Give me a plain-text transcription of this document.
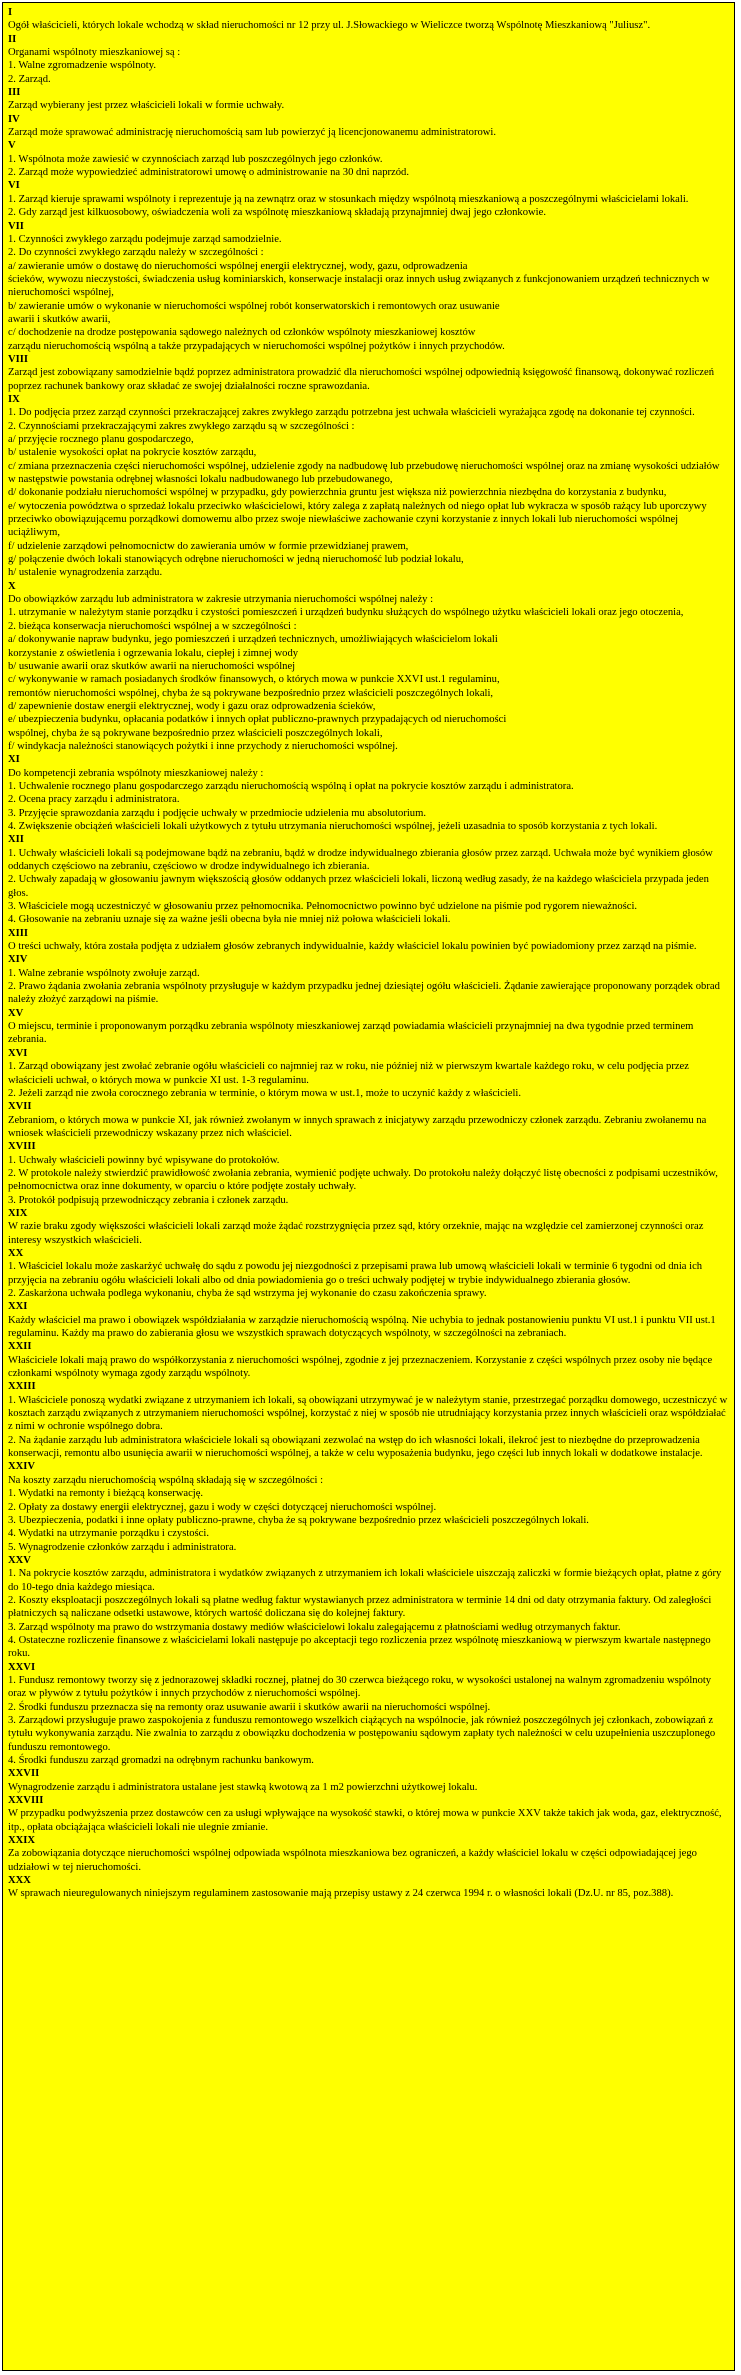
I
Ogół właścicieli, których lokale wchodzą w skład nieruchomości nr 12 przy ul. J.Słowackiego w Wieliczce tworzą Wspólnotę Mieszkaniową "Juliusz".
II
Organami wspólnoty mieszkaniowej są :
1. Walne zgromadzenie wspólnoty.
2. Zarząd.
III
Zarząd wybierany jest przez właścicieli lokali w formie uchwały.
IV
Zarząd może sprawować administrację nieruchomością sam lub powierzyć ją licencjonowanemu administratorowi.
V
1. Wspólnota może zawiesić w czynnościach zarząd lub poszczególnych jego członków.
2. Zarząd może wypowiedzieć administratorowi umowę o administrowanie na 30 dni naprzód.
VI
1. Zarząd kieruje sprawami wspólnoty i reprezentuje ją na zewnątrz oraz w stosunkach między wspólnotą mieszkaniową a poszczególnymi właścicielami lokali.
2. Gdy zarząd jest kilkuosobowy, oświadczenia woli za wspólnotę mieszkaniową składają przynajmniej dwaj jego członkowie.
VII
1. Czynności zwykłego zarządu podejmuje zarząd samodzielnie.
2. Do czynności zwykłego zarządu należy w szczególności :
a/ zawieranie umów o dostawę do nieruchomości wspólnej energii elektrycznej, wody, gazu, odprowadzenia
ścieków, wywozu nieczystości, świadczenia usług kominiarskich, konserwacje instalacji oraz innych usług związanych z funkcjonowaniem urządzeń technicznych w nieruchomości wspólnej,
b/ zawieranie umów o wykonanie w nieruchomości wspólnej robót konserwatorskich i remontowych oraz usuwanie
awarii i skutków awarii,
c/ dochodzenie na drodze postępowania sądowego należnych od członków wspólnoty mieszkaniowej kosztów
zarządu nieruchomością wspólną a także przypadających w nieruchomości wspólnej pożytków i innych przychodów.
VIII
Zarząd jest zobowiązany samodzielnie bądź poprzez administratora prowadzić dla nieruchomości wspólnej odpowiednią księgowość finansową, dokonywać rozliczeń poprzez rachunek bankowy oraz składać ze swojej działalności roczne sprawozdania.
IX
1. Do podjęcia przez zarząd czynności przekraczającej zakres zwykłego zarządu potrzebna jest uchwała właścicieli wyrażająca zgodę na dokonanie tej czynności.
2. Czynnościami przekraczającymi zakres zwykłego zarządu są w szczególności :
a/ przyjęcie rocznego planu gospodarczego,
b/ ustalenie wysokości opłat na pokrycie kosztów zarządu,
c/ zmiana przeznaczenia części nieruchomości wspólnej, udzielenie zgody na nadbudowę lub przebudowę nieruchomości wspólnej oraz na zmianę wysokości udziałów w następstwie powstania odrębnej własności lokalu nadbudowanego lub przebudowanego,
d/ dokonanie podziału nieruchomości wspólnej w przypadku, gdy powierzchnia gruntu jest większa niż powierzchnia niezbędna do korzystania z budynku,
e/ wytoczenia powództwa o sprzedaż lokalu przeciwko właścicielowi, który zalega z zapłatą należnych od niego opłat lub wykracza w sposób rażący lub uporczywy przeciwko obowiązującemu porządkowi domowemu albo przez swoje niewłaściwe zachowanie czyni korzystanie z innych lokali lub nieruchomości wspólnej uciążliwym,
f/ udzielenie zarządowi pełnomocnictw do zawierania umów w formie przewidzianej prawem,
g/ połączenie dwóch lokali stanowiących odrębne nieruchomości w jedną nieruchomość lub podział lokalu,
h/ ustalenie wynagrodzenia zarządu.
X
Do obowiązków zarządu lub administratora w zakresie utrzymania nieruchomości wspólnej należy :
1. utrzymanie w należytym stanie porządku i czystości pomieszczeń i urządzeń budynku służących do wspólnego użytku właścicieli lokali oraz jego otoczenia,
2. bieżąca konserwacja nieruchomości wspólnej a w szczególności :
a/ dokonywanie napraw budynku, jego pomieszczeń i urządzeń technicznych, umożliwiających właścicielom lokali
korzystanie z oświetlenia i ogrzewania lokalu, ciepłej i zimnej wody
b/ usuwanie awarii oraz skutków awarii na nieruchomości wspólnej
c/ wykonywanie w ramach posiadanych środków finansowych, o których mowa w punkcie XXVI ust.1 regulaminu,
remontów nieruchomości wspólnej, chyba że są pokrywane bezpośrednio przez właścicieli poszczególnych lokali,
d/ zapewnienie dostaw energii elektrycznej, wody i gazu oraz odprowadzenia ścieków,
e/ ubezpieczenia budynku, opłacania podatków i innych opłat publiczno-prawnych przypadających od nieruchomości
wspólnej, chyba że są pokrywane bezpośrednio przez właścicieli poszczególnych lokali,
f/ windykacja należności stanowiących pożytki i inne przychody z nieruchomości wspólnej.
XI
Do kompetencji zebrania wspólnoty mieszkaniowej należy :
1. Uchwalenie rocznego planu gospodarczego zarządu nieruchomością wspólną i opłat na pokrycie kosztów zarządu i administratora.
2. Ocena pracy zarządu i administratora.
3. Przyjęcie sprawozdania zarządu i podjęcie uchwały w przedmiocie udzielenia mu absolutorium.
4. Zwiększenie obciążeń właścicieli lokali użytkowych z tytułu utrzymania nieruchomości wspólnej, jeżeli uzasadnia to sposób korzystania z tych lokali.
XII
1. Uchwały właścicieli lokali są podejmowane bądź na zebraniu, bądź w drodze indywidualnego zbierania głosów przez zarząd. Uchwała może być wynikiem głosów oddanych częściowo na zebraniu, częściowo w drodze indywidualnego ich zbierania.
2. Uchwały zapadają w głosowaniu jawnym większością głosów oddanych przez właścicieli lokali, liczoną według zasady, że na każdego właściciela przypada jeden głos.
3. Właściciele mogą uczestniczyć w głosowaniu przez pełnomocnika. Pełnomocnictwo powinno być udzielone na piśmie pod rygorem nieważności.
4. Głosowanie na zebraniu uznaje się za ważne jeśli obecna była nie mniej niż połowa właścicieli lokali.
XIII
O treści uchwały, która została podjęta z udziałem głosów zebranych indywidualnie, każdy właściciel lokalu powinien być powiadomiony przez zarząd na piśmie.
XIV
1. Walne zebranie wspólnoty zwołuje zarząd.
2. Prawo żądania zwołania zebrania wspólnoty przysługuje w każdym przypadku jednej dziesiątej ogółu właścicieli. Żądanie zawierające proponowany porządek obrad należy złożyć zarządowi na piśmie.
XV
O miejscu, terminie i proponowanym porządku zebrania wspólnoty mieszkaniowej zarząd powiadamia właścicieli przynajmniej na dwa tygodnie przed terminem zebrania.
XVI
1. Zarząd obowiązany jest zwołać zebranie ogółu właścicieli co najmniej raz w roku, nie później niż w pierwszym kwartale każdego roku, w celu podjęcia przez właścicieli uchwał, o których mowa w punkcie XI ust. 1-3 regulaminu.
2. Jeżeli zarząd nie zwoła corocznego zebrania w terminie, o którym mowa w ust.1, może to uczynić każdy z właścicieli.
XVII
Zebraniom, o których mowa w punkcie XI, jak również zwołanym w innych sprawach z inicjatywy zarządu przewodniczy członek zarządu. Zebraniu zwołanemu na wniosek właścicieli przewodniczy wskazany przez nich właściciel.
XVIII
1. Uchwały właścicieli powinny być wpisywane do protokołów.
2. W protokole należy stwierdzić prawidłowość zwołania zebrania, wymienić podjęte uchwały. Do protokołu należy dołączyć listę obecności z podpisami uczestników, pełnomocnictwa oraz inne dokumenty, w oparciu o które podjęte zostały uchwały.
3. Protokół podpisują przewodniczący zebrania i członek zarządu.
XIX
W razie braku zgody większości właścicieli lokali zarząd może żądać rozstrzygnięcia przez sąd, który orzeknie, mając na względzie cel zamierzonej czynności oraz interesy wszystkich właścicieli.
XX
1. Właściciel lokalu może zaskarżyć uchwałę do sądu z powodu jej niezgodności z przepisami prawa lub umową właścicieli lokali w terminie 6 tygodni od dnia ich przyjęcia na zebraniu ogółu właścicieli lokali albo od dnia powiadomienia go o treści uchwały podjętej w trybie indywidualnego zbierania głosów.
2. Zaskarżona uchwała podlega wykonaniu, chyba że sąd wstrzyma jej wykonanie do czasu zakończenia sprawy.
XXI
Każdy właściciel ma prawo i obowiązek współdziałania w zarządzie nieruchomością wspólną. Nie uchybia to jednak postanowieniu punktu VI ust.1 i punktu VII ust.1 regulaminu. Każdy ma prawo do zabierania głosu we wszystkich sprawach dotyczących wspólnoty, w szczególności na zebraniach.
XXII
Właściciele lokali mają prawo do współkorzystania z nieruchomości wspólnej, zgodnie z jej przeznaczeniem. Korzystanie z części wspólnych przez osoby nie będące członkami wspólnoty wymaga zgody zarządu wspólnoty.
XXIII
1. Właściciele ponoszą wydatki związane z utrzymaniem ich lokali, są obowiązani utrzymywać je w należytym stanie, przestrzegać porządku domowego, uczestniczyć w kosztach zarządu związanych z utrzymaniem nieruchomości wspólnej, korzystać z niej w sposób nie utrudniający korzystania przez innych właścicieli oraz współdziałać z nimi w ochronie wspólnego dobra.
2. Na żądanie zarządu lub administratora właściciele lokali są obowiązani zezwolać na wstęp do ich własności lokali, ilekroć jest to niezbędne do przeprowadzenia konserwacji, remontu albo usunięcia awarii w nieruchomości wspólnej, a także w celu wyposażenia budynku, jego części lub innych lokali w dodatkowe instalacje.
XXIV
Na koszty zarządu nieruchomością wspólną składają się w szczególności :
1. Wydatki na remonty i bieżącą konserwację.
2. Opłaty za dostawy energii elektrycznej, gazu i wody w części dotyczącej nieruchomości wspólnej.
3. Ubezpieczenia, podatki i inne opłaty publiczno-prawne, chyba że są pokrywane bezpośrednio przez właścicieli poszczególnych lokali.
4. Wydatki na utrzymanie porządku i czystości.
5. Wynagrodzenie członków zarządu i administratora.
XXV
1. Na pokrycie kosztów zarządu, administratora i wydatków związanych z utrzymaniem ich lokali właściciele uiszczają zaliczki w formie bieżących opłat, płatne z góry do 10-tego dnia każdego miesiąca.
2. Koszty eksploatacji poszczególnych lokali są płatne według faktur wystawianych przez administratora w terminie 14 dni od daty otrzymania faktury. Od zaległości płatniczych są naliczane odsetki ustawowe, których wartość doliczana się do kolejnej faktury.
3. Zarząd wspólnoty ma prawo do wstrzymania dostawy mediów właścicielowi lokalu zalegającemu z płatnościami według otrzymanych faktur.
4. Ostateczne rozliczenie finansowe z właścicielami lokali następuje po akceptacji tego rozliczenia przez wspólnotę mieszkaniową w pierwszym kwartale następnego roku.
XXVI
1. Fundusz remontowy tworzy się z jednorazowej składki rocznej, płatnej do 30 czerwca bieżącego roku, w wysokości ustalonej na walnym zgromadzeniu wspólnoty oraz w pływów z tytułu pożytków i innych przychodów z nieruchomości wspólnej.
2. Środki funduszu przeznacza się na remonty oraz usuwanie awarii i skutków awarii na nieruchomości wspólnej.
3. Zarządowi przysługuje prawo zaspokojenia z funduszu remontowego wszelkich ciążących na wspólnocie, jak również poszczególnych jej członkach, zobowiązań z tytułu wykonywania zarządu. Nie zwalnia to zarządu z obowiązku dochodzenia w postępowaniu sądowym zapłaty tych należności w celu uzupełnienia uszczuplonego funduszu remontowego.
4. Środki funduszu zarząd gromadzi na odrębnym rachunku bankowym.
XXVII
Wynagrodzenie zarządu i administratora ustalane jest stawką kwotową za 1 m2 powierzchni użytkowej lokalu.
XXVIII
W przypadku podwyższenia przez dostawców cen za usługi wpływające na wysokość stawki, o której mowa w punkcie XXV także takich jak woda, gaz, elektryczność, itp., opłata obciążająca właścicieli lokali nie ulegnie zmianie.
XXIX
Za zobowiązania dotyczące nieruchomości wspólnej odpowiada wspólnota mieszkaniowa bez ograniczeń, a każdy właściciel lokalu w części odpowiadającej jego udziałowi w tej nieruchomości.
XXX
W sprawach nieuregulowanych niniejszym regulaminem zastosowanie mają przepisy ustawy z 24 czerwca 1994 r. o własności lokali (Dz.U. nr 85, poz.388).
